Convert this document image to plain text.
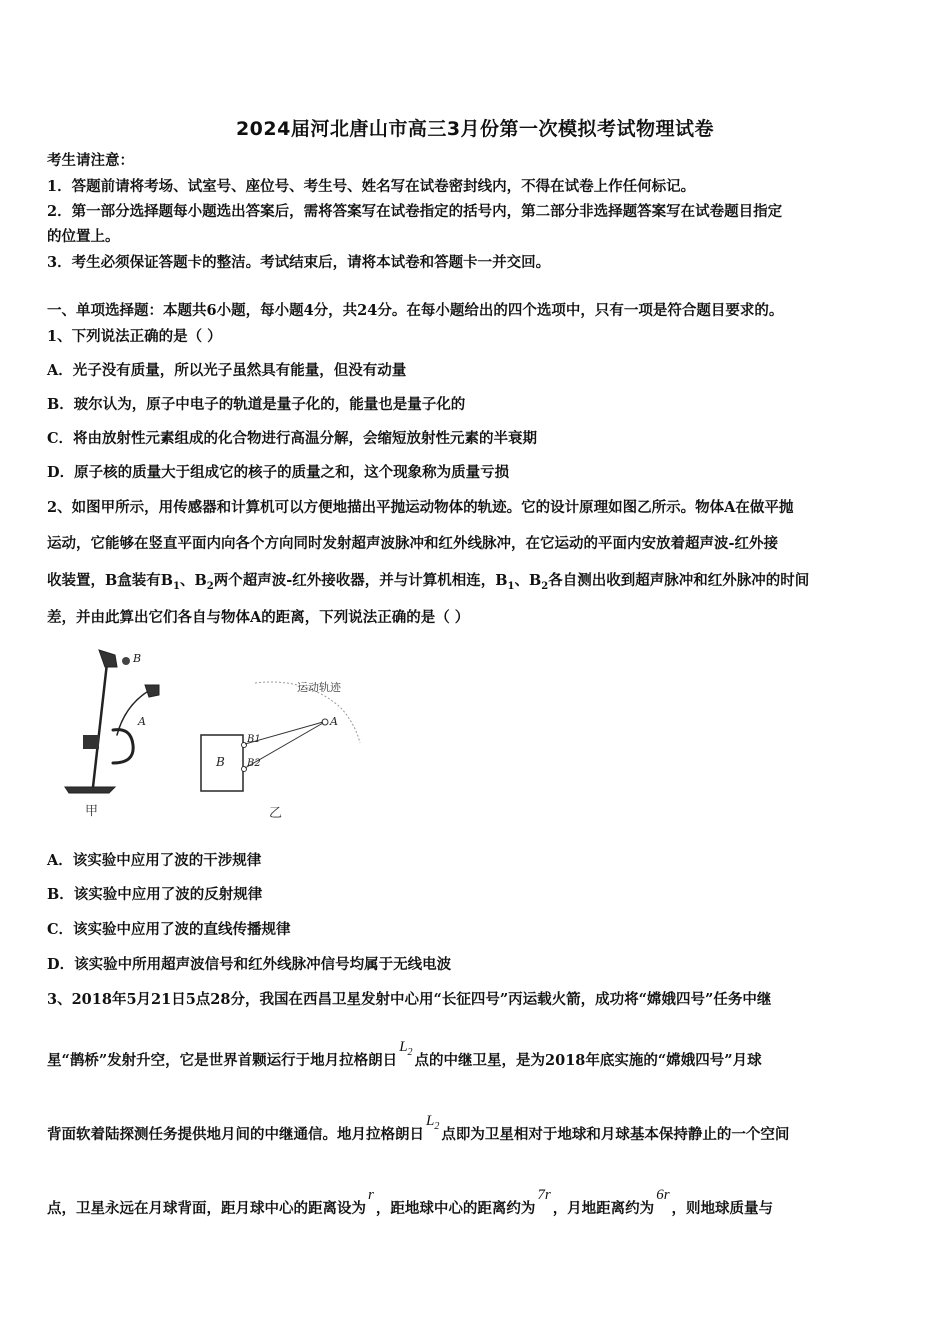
2024届河北唐山市高三3月份第一次模拟考试物理试卷
考生请注意：
1．答题前请将考场、试室号、座位号、考生号、姓名写在试卷密封线内，不得在试卷上作任何标记。
2．第一部分选择题每小题选出答案后，需将答案写在试卷指定的括号内，第二部分非选择题答案写在试卷题目指定
的位置上。
3．考生必须保证答题卡的整洁。考试结束后，请将本试卷和答题卡一并交回。
一、单项选择题：本题共6小题，每小题4分，共24分。在每小题给出的四个选项中，只有一项是符合题目要求的。
1、下列说法正确的是（ ）
A．光子没有质量，所以光子虽然具有能量，但没有动量
B．玻尔认为，原子中电子的轨道是量子化的，能量也是量子化的
C．将由放射性元素组成的化合物进行高温分解，会缩短放射性元素的半衰期
D．原子核的质量大于组成它的核子的质量之和，这个现象称为质量亏损
2、如图甲所示，用传感器和计算机可以方便地描出平抛运动物体的轨迹。它的设计原理如图乙所示。物体A在做平抛
运动，它能够在竖直平面内向各个方向同时发射超声波脉冲和红外线脉冲，在它运动的平面内安放着超声波-红外接
收装置，B盒装有$B_1$、$B_2$两个超声波-红外接收器，并与计算机相连，$B_1$、$B_2$各自测出收到超声脉冲和红外脉冲的时间
差，并由此算出它们各自与物体A的距离，下列说法正确的是（ ）
B
A
甲
运动轨迹
A
B
B1
B2
乙
A．该实验中应用了波的干涉规律
B．该实验中应用了波的反射规律
C．该实验中应用了波的直线传播规律
D．该实验中所用超声波信号和红外线脉冲信号均属于无线电波
3、2018年5月21日5点28分，我国在西昌卫星发射中心用“长征四号”丙运载火箭，成功将“嫦娥四号”任务中继
星“鹊桥”发射升空，它是世界首颗运行于地月拉格朗日$L_2$ 点的中继卫星，是为2018年底实施的“嫦娥四号”月球
背面软着陆探测任务提供地月间的中继通信。地月拉格朗日$L_2$ 点即为卫星相对于地球和月球基本保持静止的一个空间
点，卫星永远在月球背面，距月球中心的距离设为r，距地球中心的距离约为7r，月地距离约为6r，则地球质量与
